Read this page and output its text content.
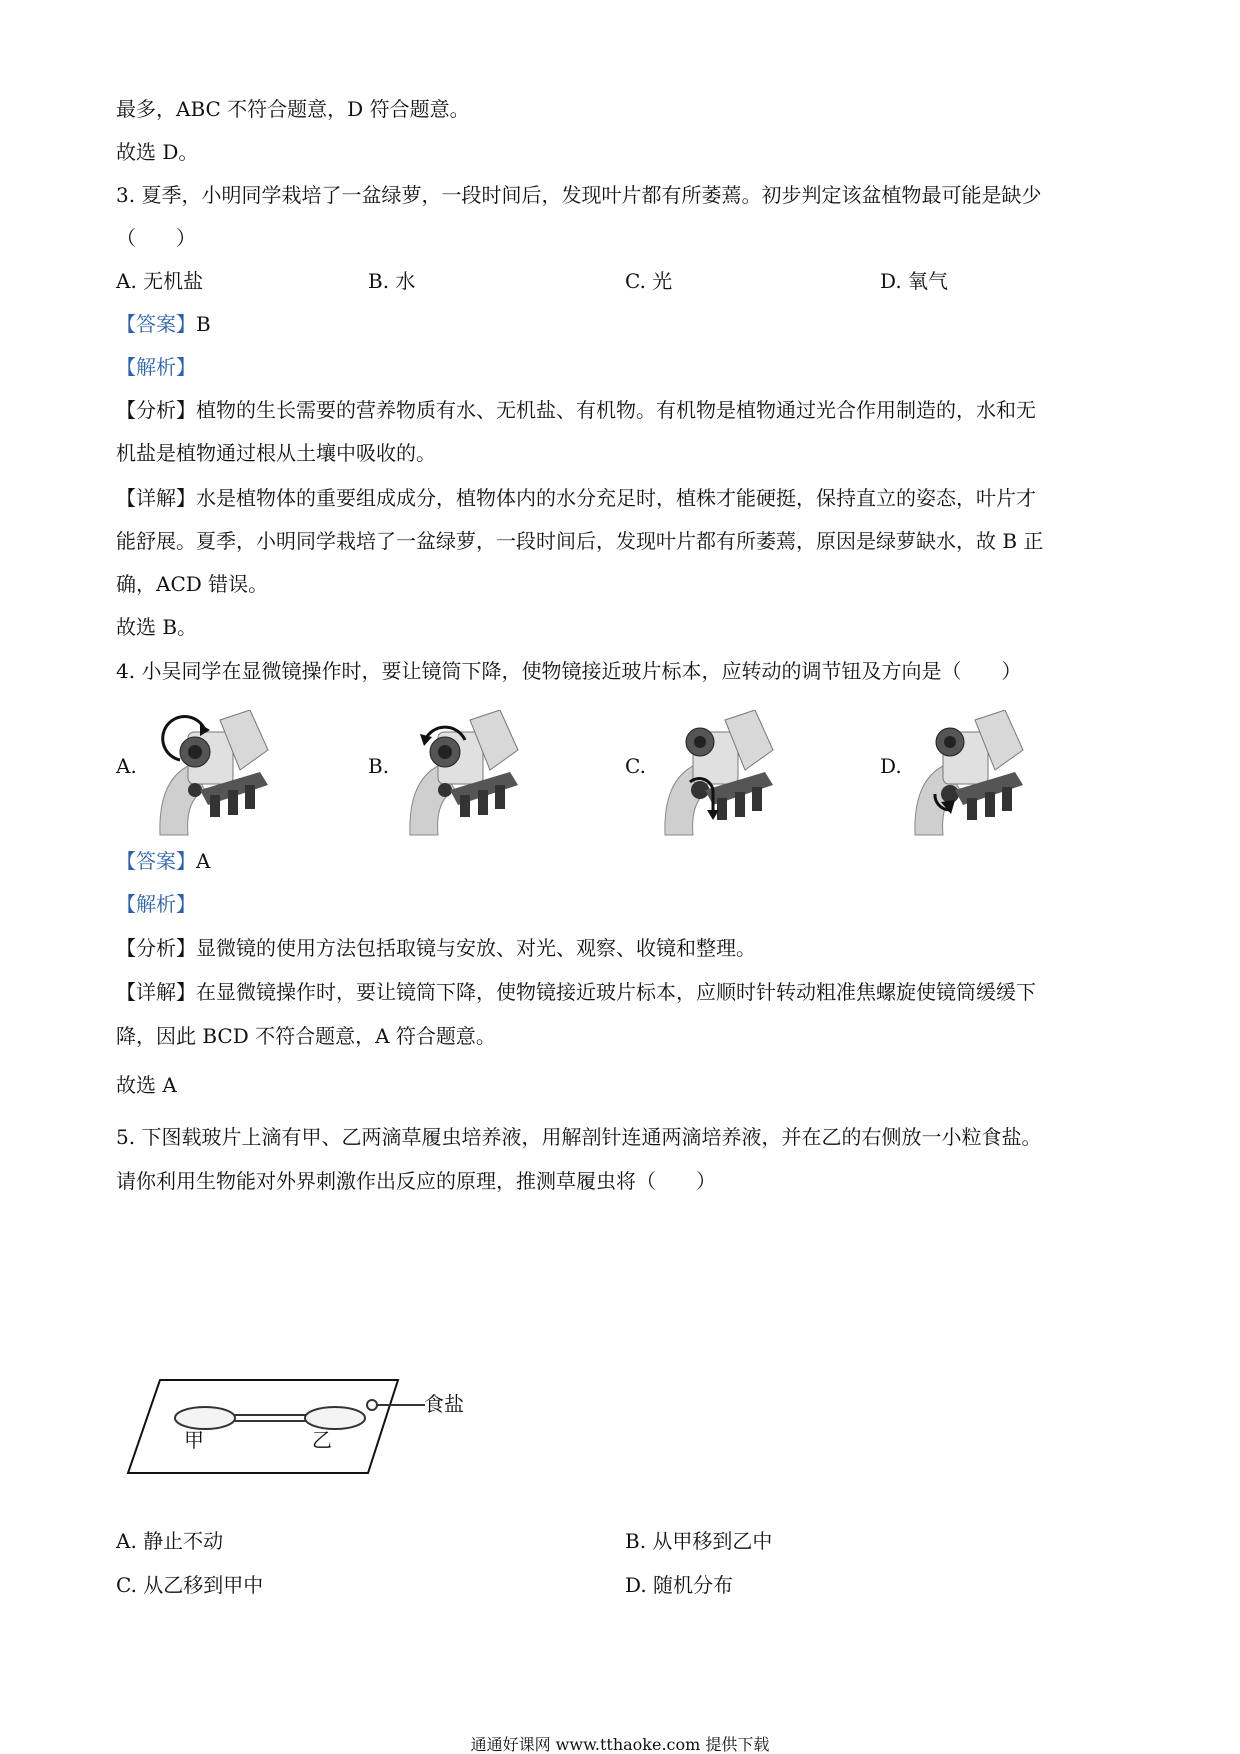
最多，ABC 不符合题意，D 符合题意。
故选 D。
3. 夏季，小明同学栽培了一盆绿萝，一段时间后，发现叶片都有所萎蔫。初步判定该盆植物最可能是缺少
（　　）
A. 无机盐	B. 水	C. 光	D. 氧气
【答案】B
【解析】
【分析】植物的生长需要的营养物质有水、无机盐、有机物。有机物是植物通过光合作用制造的，水和无
机盐是植物通过根从土壤中吸收的。
【详解】水是植物体的重要组成成分，植物体内的水分充足时，植株才能硬挺，保持直立的姿态，叶片才
能舒展。夏季，小明同学栽培了一盆绿萝，一段时间后，发现叶片都有所萎蔫，原因是绿萝缺水，故 B 正
确，ACD 错误。
故选 B。
4. 小吴同学在显微镜操作时，要让镜筒下降，使物镜接近玻片标本，应转动的调节钮及方向是（　　）
A.	B.	C.	D.
【答案】A
【解析】
【分析】显微镜的使用方法包括取镜与安放、对光、观察、收镜和整理。
【详解】在显微镜操作时，要让镜筒下降，使物镜接近玻片标本，应顺时针转动粗准焦螺旋使镜筒缓缓下
降，因此 BCD 不符合题意，A 符合题意。
故选 A
5. 下图载玻片上滴有甲、乙两滴草履虫培养液，用解剖针连通两滴培养液，并在乙的右侧放一小粒食盐。
请你利用生物能对外界刺激作出反应的原理，推测草履虫将（　　）
食盐
甲	乙
A. 静止不动	B. 从甲移到乙中
C. 从乙移到甲中	D. 随机分布
通通好课网 www.tthaoke.com 提供下载
